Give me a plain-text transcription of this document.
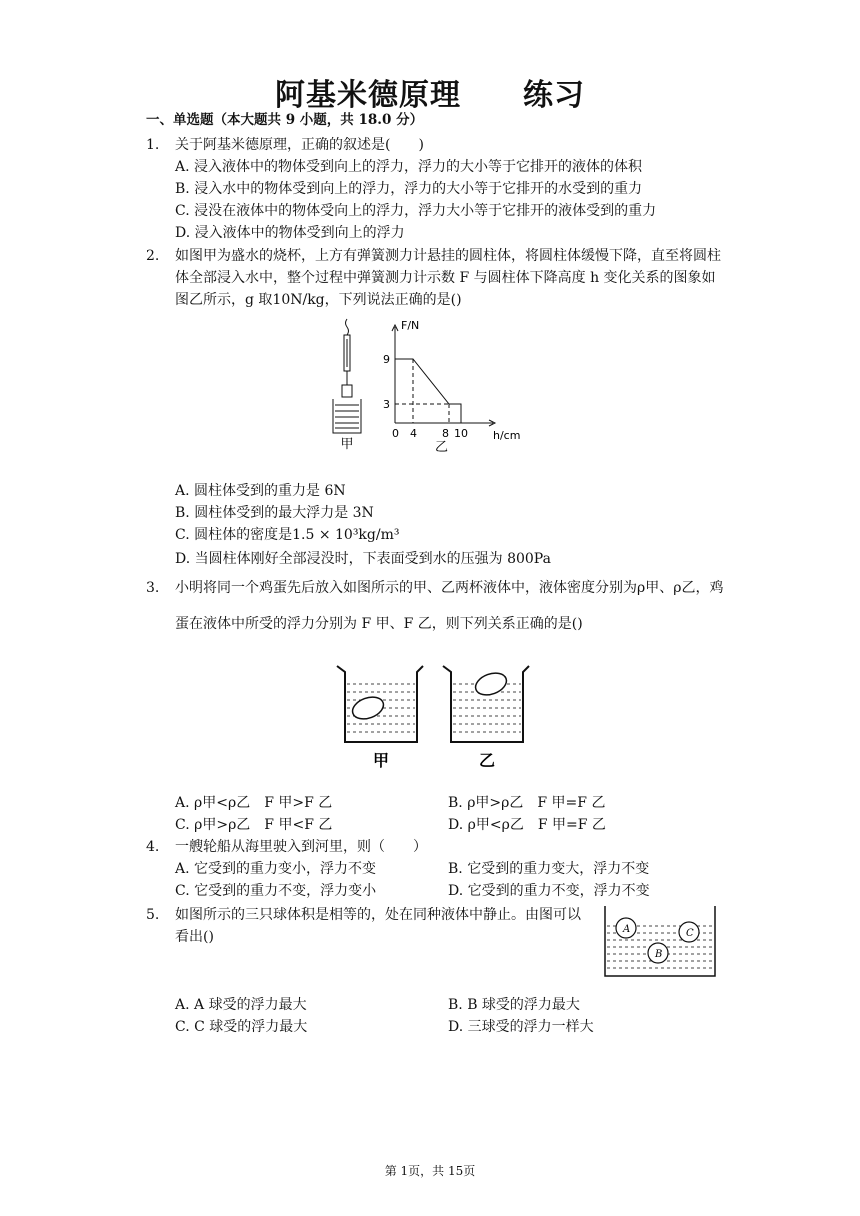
阿基米德原理　　练习
一、单选题（本大题共 9 小题，共 18.0 分）
1. 关于阿基米德原理，正确的叙述是(　　)
A. 浸入液体中的物体受到向上的浮力，浮力的大小等于它排开的液体的体积
B. 浸入水中的物体受到向上的浮力，浮力的大小等于它排开的水受到的重力
C. 浸没在液体中的物体受向上的浮力，浮力大小等于它排开的液体受到的重力
D. 浸入液体中的物体受到向上的浮力
2. 如图甲为盛水的烧杯，上方有弹簧测力计悬挂的圆柱体，将圆柱体缓慢下降，直至将圆柱体全部浸入水中，整个过程中弹簧测力计示数 F 与圆柱体下降高度 h 变化关系的图象如图乙所示，g 取10N/kg，下列说法正确的是()
甲
F/N
9
3
0 4 8 10 h/cm
乙
A. 圆柱体受到的重力是 6N
B. 圆柱体受到的最大浮力是 3N
C. 圆柱体的密度是1.5 × 10³kg/m³
D. 当圆柱体刚好全部浸没时，下表面受到水的压强为 800Pa
3. 小明将同一个鸡蛋先后放入如图所示的甲、乙两杯液体中，液体密度分别为ρ甲、ρ乙，鸡蛋在液体中所受的浮力分别为 F 甲、F 乙，则下列关系正确的是()
甲	乙
A. ρ甲<ρ乙　F 甲>F 乙	B. ρ甲>ρ乙　F 甲=F 乙
C. ρ甲>ρ乙　F 甲<F 乙	D. ρ甲<ρ乙　F 甲=F 乙
4. 一艘轮船从海里驶入到河里，则（　　）
A. 它受到的重力变小，浮力不变	B. 它受到的重力变大，浮力不变
C. 它受到的重力不变，浮力变小	D. 它受到的重力不变，浮力不变
5. 如图所示的三只球体积是相等的，处在同种液体中静止。由图可以看出()	A
B
C
A. A 球受的浮力最大	B. B 球受的浮力最大
C. C 球受的浮力最大	D. 三球受的浮力一样大
第 1页，共 15页
